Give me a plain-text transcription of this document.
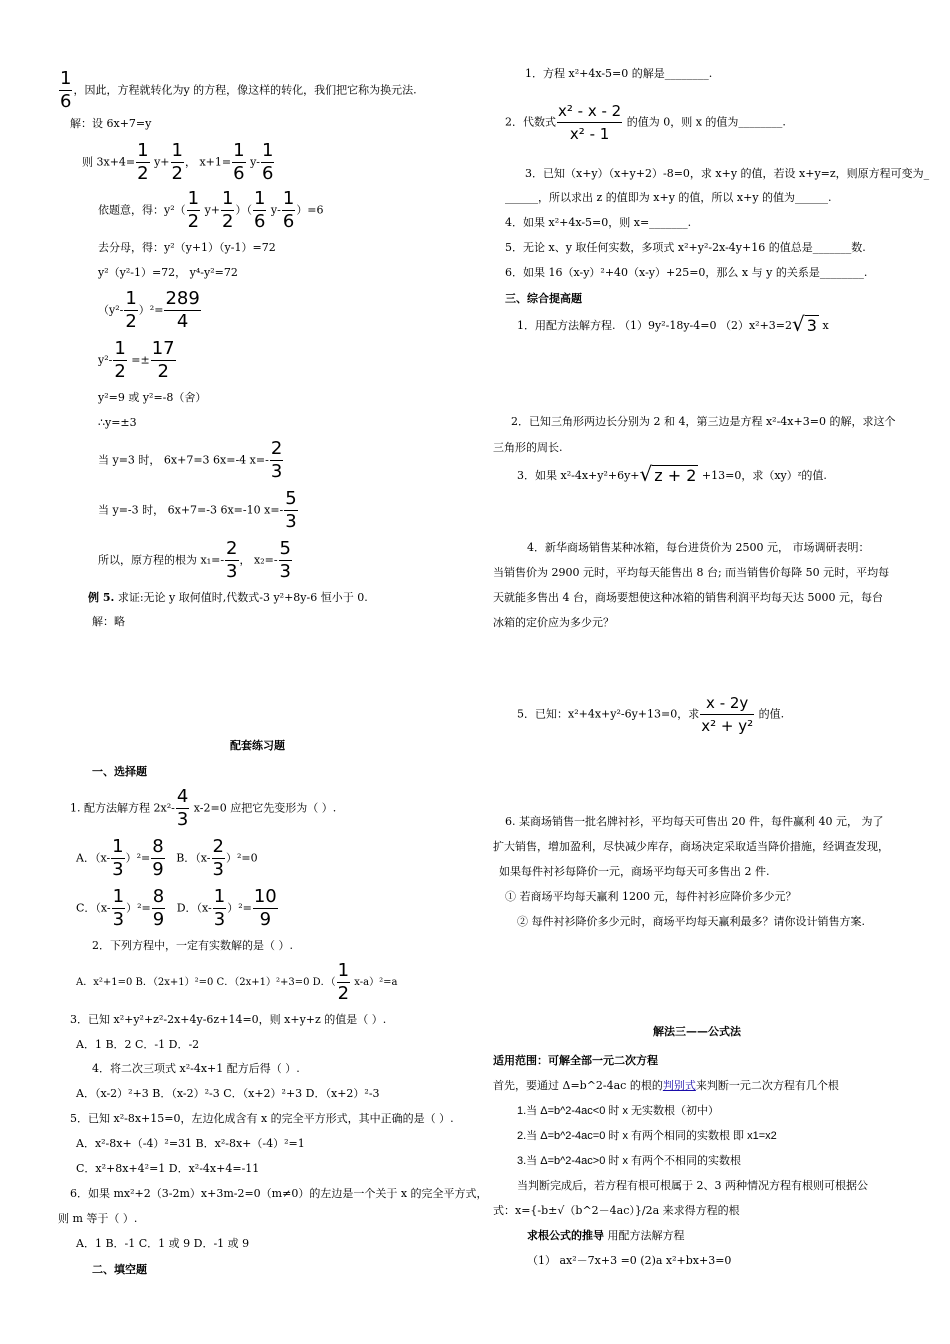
$\frac{1}{6}$ ，因此，方程就转化为y 的方程，像这样的转化，我们把它称为换元法.
解：设 6x+7=y
则 $3x+4= \frac{1}{2} y+ \frac{1}{2}$ ， $x+1= \frac{1}{6} y- \frac{1}{6}$
依题意，得：$y^2( \frac{1}{2} y+ \frac{1}{2}$ ）（ $\frac{1}{6} y- \frac{1}{6} )=6$
去分母，得：y²（y+1）（y-1）=72
y²（y²-1）=72， y⁴-y²=72
$(y^2- \frac{1}{2} )^2= \frac{289}{4}$
$y^2- \frac{1}{2} =\pm \frac{17}{2}$
y²=9 或 y²=-8（舍）
∴y=±3
当 y=3 时， 6x+7=3 6x=-4 $x=- \frac{2}{3}$
当 y=-3 时， 6x+7=-3 6x=-10 $x=- \frac{5}{3}$
所以，原方程的根为 $x_1=- \frac{2}{3}$ ， $x_2=- \frac{5}{3}$
例 5. 求证:无论 y 取何值时,代数式-3 y²+8y-6 恒小于 0.
解：略
配套练习题
一、选择题
1. 配方法解方程 $2x^2- \frac{4}{3} x-2=0$ 应把它先变形为（ ）.
A．$(x- \frac{1}{3} )^2= \frac{8}{9}$ B．$(x- \frac{2}{3} )^2=0$
C．$(x- \frac{1}{3} )^2= \frac{8}{9}$ D．$(x- \frac{1}{3} )^2= \frac{10}{9}$
2．下列方程中，一定有实数解的是（ ）.
A．x²+1=0 B．（2x+1）²=0 C．（2x+1）²+3=0 D．（ $\frac{1}{2} x-a)^2=a$
3．已知 x²+y²+z²-2x+4y-6z+14=0，则 x+y+z 的值是（ ）.
A．1 B．2 C．-1 D．-2
4．将二次三项式 x²-4x+1 配方后得（ ）.
A．（x-2）²+3 B．（x-2）²-3 C．（x+2）²+3 D．（x+2）²-3
5．已知 x²-8x+15=0，左边化成含有 x 的完全平方形式，其中正确的是（ ）.
A．x²-8x+（-4）²=31 B．x²-8x+（-4）²=1
C．x²+8x+4²=1 D．x²-4x+4=-11
6．如果 mx²+2（3-2m）x+3m-2=0（m≠0）的左边是一个关于 x 的完全平方式，
则 m 等于（ ）.
A．1 B．-1 C．1 或 9 D．-1 或 9
二、填空题
1．方程 x²+4x-5=0 的解是________.
2．代数式 $\frac{\text{x² - x - 2}}{\text{x² - 1}}$ 的值为 0，则 x 的值为________.
3．已知（x+y）（x+y+2）-8=0，求 x+y 的值，若设 x+y=z，则原方程可变为_
______，所以求出 z 的值即为 x+y 的值，所以 x+y 的值为______.
4．如果 x²+4x-5=0，则 x=_______.
5．无论 x、y 取任何实数，多项式 x²+y²-2x-4y+16 的值总是_______数.
6．如果 16（x-y）²+40（x-y）+25=0，那么 x 与 y 的关系是________.
三、综合提高题
1．用配方法解方程. （1）9y²-18y-4=0 （2）x²+3=2√ 3 x
2．已知三角形两边长分别为 2 和 4，第三边是方程 x²-4x+3=0 的解，求这个
三角形的周长.
3．如果 x²-4x+y²+6y+√ z + 2 +13=0，求（xy）ᶻ的值.
4．新华商场销售某种冰箱，每台进货价为 2500 元， 市场调研表明：
当销售价为 2900 元时，平均每天能售出 8 台; 而当销售价每降 50 元时，平均每
天就能多售出 4 台，商场要想使这种冰箱的销售利润平均每天达 5000 元，每台
冰箱的定价应为多少元？
5．已知：x²+4x+y²-6y+13=0，求 $\frac{x - 2y}{\text{x² + y²}}$ 的值.
6. 某商场销售一批名牌衬衫，平均每天可售出 20 件，每件赢利 40 元， 为了
扩大销售，增加盈利，尽快减少库存，商场决定采取适当降价措施，经调查发现，
如果每件衬衫每降价一元，商场平均每天可多售出 2 件.
① 若商场平均每天赢利 1200 元，每件衬衫应降价多少元？
② 每件衬衫降价多少元时，商场平均每天赢利最多？请你设计销售方案.
解法三——公式法
适用范围：可解全部一元二次方程
首先，要通过 Δ=b^2-4ac 的根的判别式来判断一元二次方程有几个根
1.当 Δ=b^2-4ac<0 时 x 无实数根（初中）
2.当 Δ=b^2-4ac=0 时 x 有两个相同的实数根 即 x1=x2
3.当 Δ=b^2-4ac>0 时 x 有两个不相同的实数根
当判断完成后，若方程有根可根属于 2、3 两种情况方程有根则可根据公
式：x={-b±√（b^2－4ac）}/2a 来求得方程的根
求根公式的推导 用配方法解方程
（1） ax²－7x+3 =0 (2)a x²+bx+3=0
